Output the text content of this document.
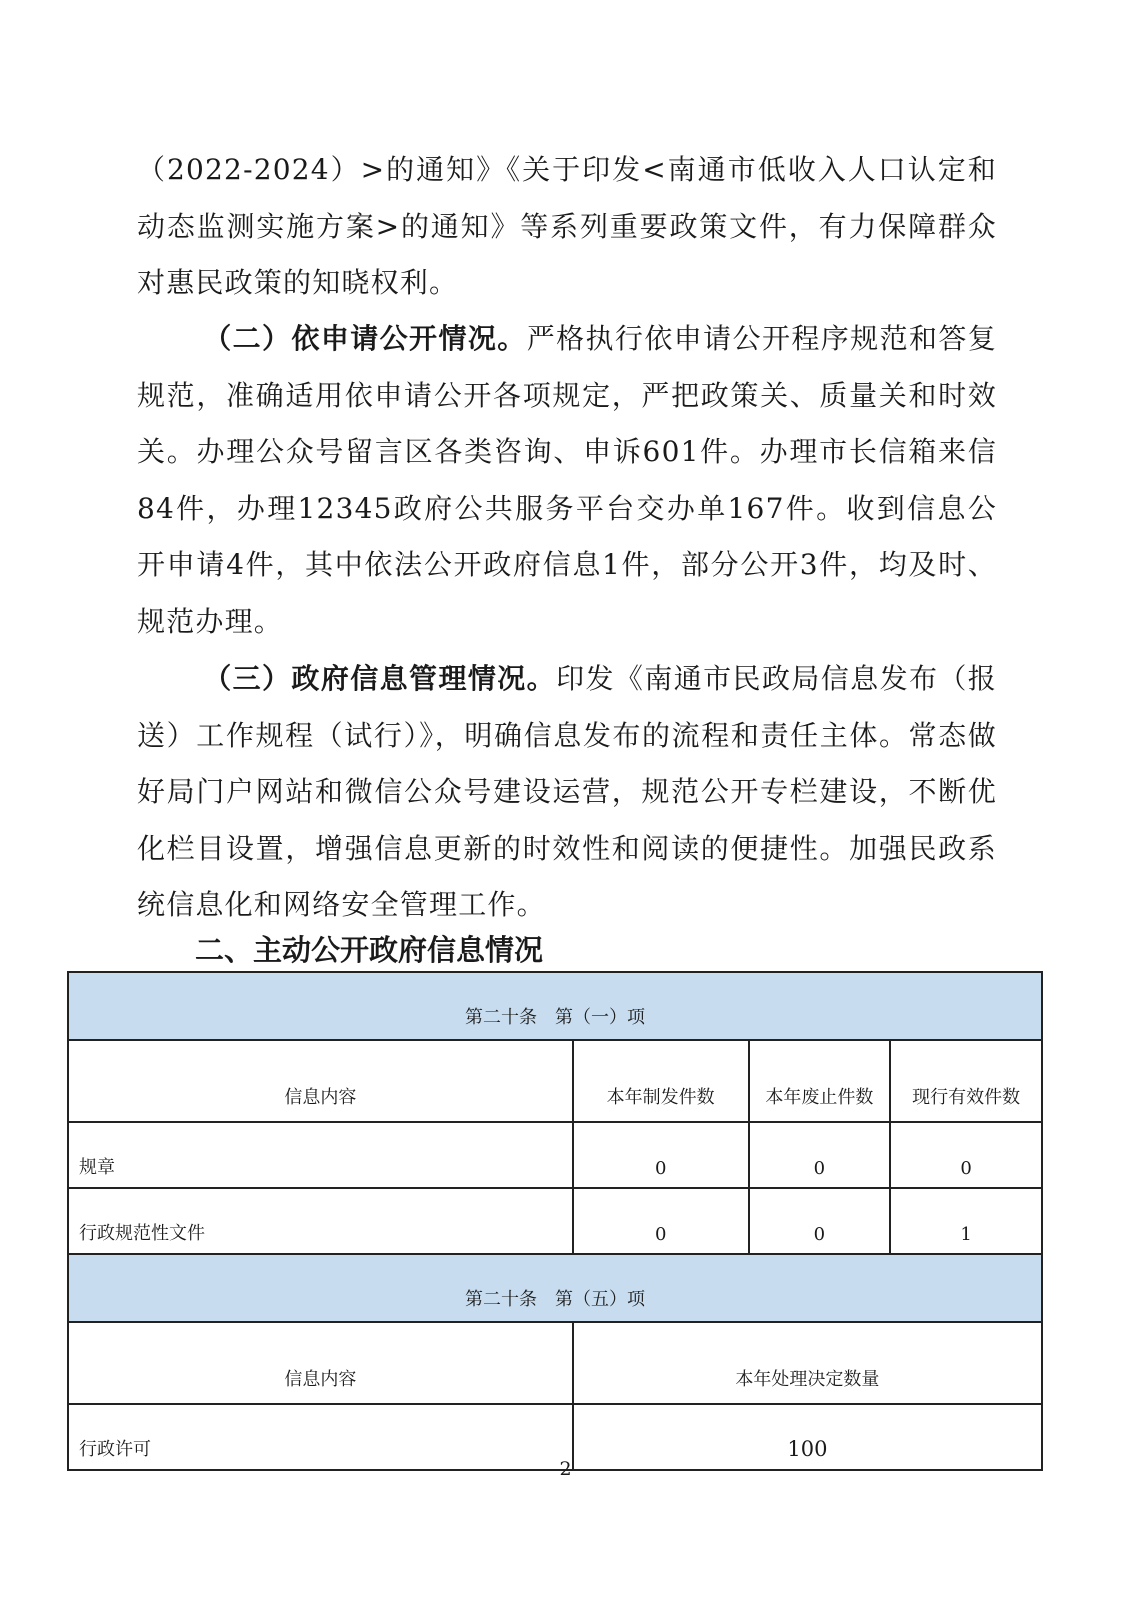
（2022-2024）>的通知》《关于印发<南通市低收入人口认定和动态监测实施方案>的通知》等系列重要政策文件，有力保障群众对惠民政策的知晓权利。

（二）依申请公开情况。严格执行依申请公开程序规范和答复规范，准确适用依申请公开各项规定，严把政策关、质量关和时效关。办理公众号留言区各类咨询、申诉601件。办理市长信箱来信84件，办理12345政府公共服务平台交办单167件。收到信息公开申请4件，其中依法公开政府信息1件，部分公开3件，均及时、规范办理。

（三）政府信息管理情况。印发《南通市民政局信息发布（报送）工作规程（试行）》，明确信息发布的流程和责任主体。常态做好局门户网站和微信公众号建设运营，规范公开专栏建设，不断优化栏目设置，增强信息更新的时效性和阅读的便捷性。加强民政系统信息化和网络安全管理工作。

二、主动公开政府信息情况
第二十条　第（一）项			
信息内容	本年制发件数	本年废止件数	现行有效件数
规章	0	0	0
行政规范性文件	0	0	1
第二十条　第（五）项			
信息内容	本年处理决定数量		
行政许可	100		
2
